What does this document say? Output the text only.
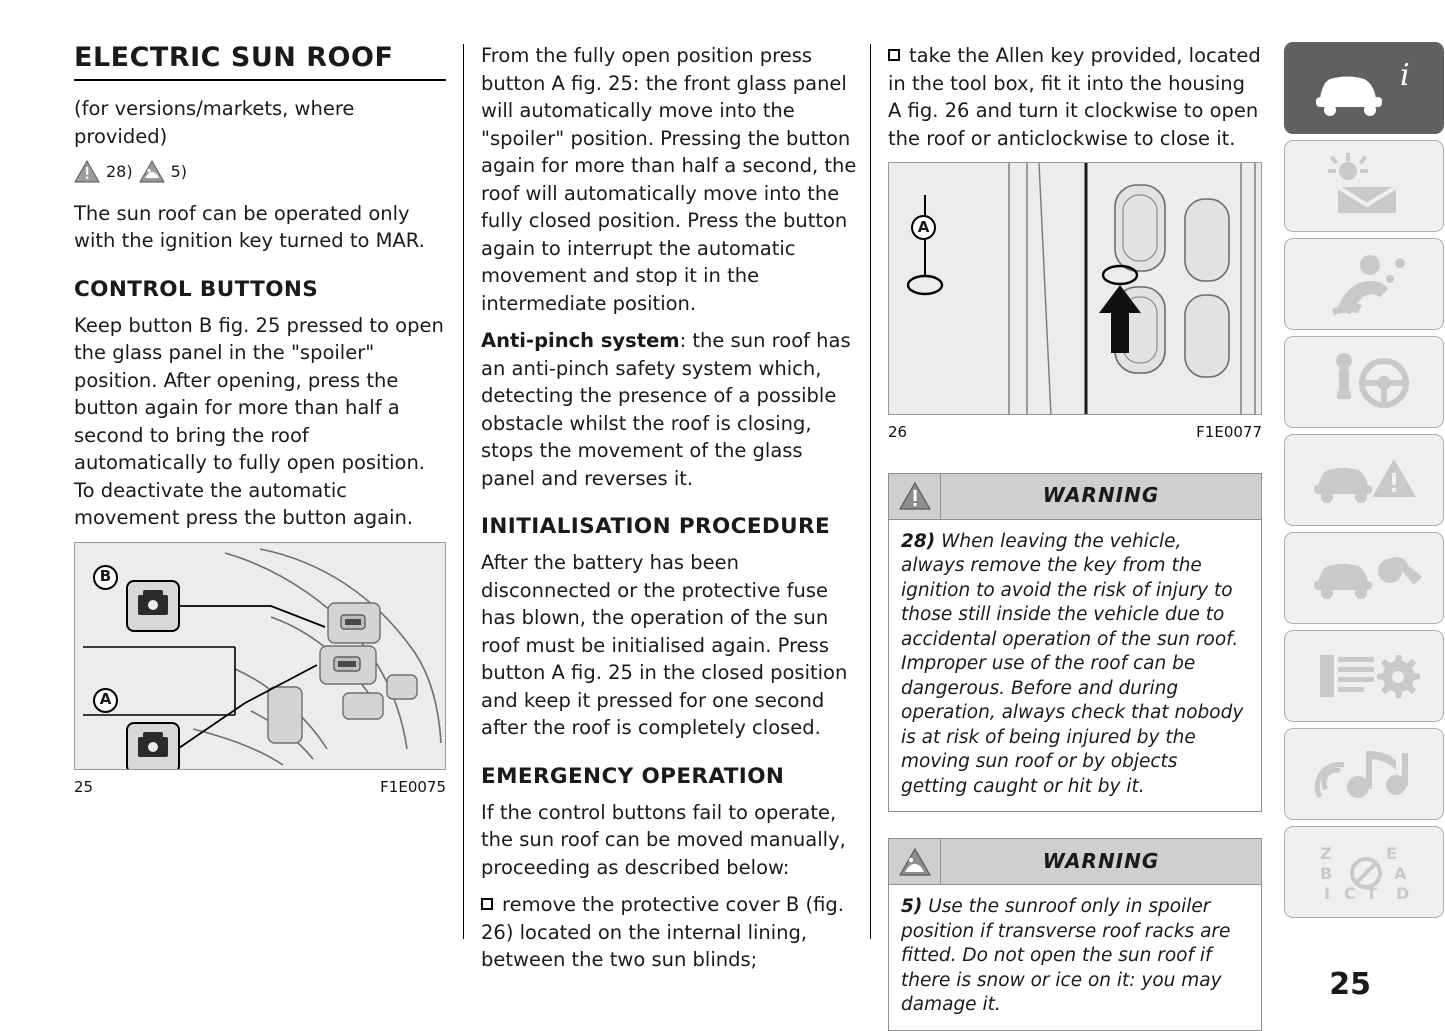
ELECTRIC SUN ROOF

(for versions/markets, where provided)

28) 5)

The sun roof can be operated only with the ignition key turned to MAR.

CONTROL BUTTONS

Keep button B fig. 25 pressed to open the glass panel in the "spoiler" position. After opening, press the button again for more than half a second to bring the roof automatically to fully open position. To deactivate the automatic movement press the button again.

B
A
25	F1E0075

From the fully open position press button A fig. 25: the front glass panel will automatically move into the "spoiler" position. Pressing the button again for more than half a second, the roof will automatically move into the fully closed position. Press the button again to interrupt the automatic movement and stop it in the intermediate position.

Anti-pinch system: the sun roof has an anti-pinch safety system which, detecting the presence of a possible obstacle whilst the roof is closing, stops the movement of the glass panel and reverses it.

INITIALISATION PROCEDURE

After the battery has been disconnected or the protective fuse has blown, the operation of the sun roof must be initialised again. Press button A fig. 25 in the closed position and keep it pressed for one second after the roof is completely closed.

EMERGENCY OPERATION

If the control buttons fail to operate, the sun roof can be moved manually, proceeding as described below:

remove the protective cover B (fig. 26) located on the internal lining, between the two sun blinds;

take the Allen key provided, located in the tool box, fit it into the housing A fig. 26 and turn it clockwise to open the roof or anticlockwise to close it.

A
26	F1E0077
WARNING
28) When leaving the vehicle, always remove the key from the ignition to avoid the risk of injury to those still inside the vehicle due to accidental operation of the sun roof. Improper use of the roof can be dangerous. Before and during operation, always check that nobody is at risk of being injured by the moving sun roof or by objects getting caught or hit by it.
WARNING
5) Use the sunroof only in spoiler position if transverse roof racks are fitted. Do not open the sun roof if there is snow or ice on it: you may damage it.
i
Z
B
I C T
E
A
D
25
